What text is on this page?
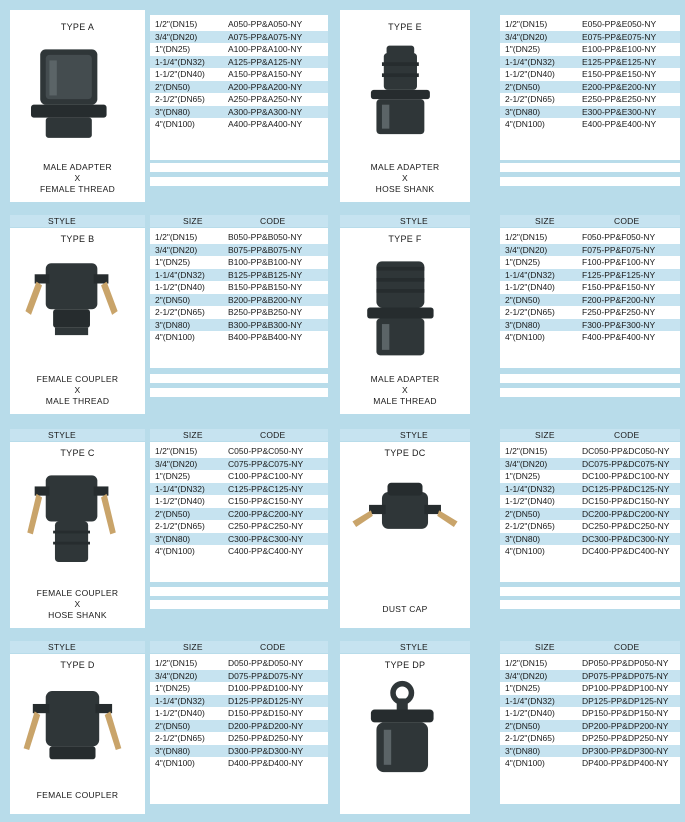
TYPE A
MALE ADAPTER
X
FEMALE THREAD
1/2"(DN15)	A050-PP&A050-NY
3/4"(DN20)	A075-PP&A075-NY
1"(DN25)	A100-PP&A100-NY
1-1/4"(DN32)	A125-PP&A125-NY
1-1/2"(DN40)	A150-PP&A150-NY
2"(DN50)	A200-PP&A200-NY
2-1/2"(DN65)	A250-PP&A250-NY
3"(DN80)	A300-PP&A300-NY
4"(DN100)	A400-PP&A400-NY
TYPE E
MALE ADAPTER
X
HOSE SHANK
1/2"(DN15)	E050-PP&E050-NY
3/4"(DN20)	E075-PP&E075-NY
1"(DN25)	E100-PP&E100-NY
1-1/4"(DN32)	E125-PP&E125-NY
1-1/2"(DN40)	E150-PP&E150-NY
2"(DN50)	E200-PP&E200-NY
2-1/2"(DN65)	E250-PP&E250-NY
3"(DN80)	E300-PP&E300-NY
4"(DN100)	E400-PP&E400-NY
STYLE	SIZE	CODE
TYPE B
FEMALE COUPLER
X
MALE THREAD
1/2"(DN15)	B050-PP&B050-NY
3/4"(DN20)	B075-PP&B075-NY
1"(DN25)	B100-PP&B100-NY
1-1/4"(DN32)	B125-PP&B125-NY
1-1/2"(DN40)	B150-PP&B150-NY
2"(DN50)	B200-PP&B200-NY
2-1/2"(DN65)	B250-PP&B250-NY
3"(DN80)	B300-PP&B300-NY
4"(DN100)	B400-PP&B400-NY
STYLE	SIZE	CODE
TYPE F
MALE ADAPTER
X
MALE THREAD
1/2"(DN15)	F050-PP&F050-NY
3/4"(DN20)	F075-PP&F075-NY
1"(DN25)	F100-PP&F100-NY
1-1/4"(DN32)	F125-PP&F125-NY
1-1/2"(DN40)	F150-PP&F150-NY
2"(DN50)	F200-PP&F200-NY
2-1/2"(DN65)	F250-PP&F250-NY
3"(DN80)	F300-PP&F300-NY
4"(DN100)	F400-PP&F400-NY
STYLE	SIZE	CODE
TYPE C
FEMALE COUPLER
X
HOSE SHANK
1/2"(DN15)	C050-PP&C050-NY
3/4"(DN20)	C075-PP&C075-NY
1"(DN25)	C100-PP&C100-NY
1-1/4"(DN32)	C125-PP&C125-NY
1-1/2"(DN40)	C150-PP&C150-NY
2"(DN50)	C200-PP&C200-NY
2-1/2"(DN65)	C250-PP&C250-NY
3"(DN80)	C300-PP&C300-NY
4"(DN100)	C400-PP&C400-NY
STYLE	SIZE	CODE
TYPE DC
DUST CAP
1/2"(DN15)	DC050-PP&DC050-NY
3/4"(DN20)	DC075-PP&DC075-NY
1"(DN25)	DC100-PP&DC100-NY
1-1/4"(DN32)	DC125-PP&DC125-NY
1-1/2"(DN40)	DC150-PP&DC150-NY
2"(DN50)	DC200-PP&DC200-NY
2-1/2"(DN65)	DC250-PP&DC250-NY
3"(DN80)	DC300-PP&DC300-NY
4"(DN100)	DC400-PP&DC400-NY
STYLE	SIZE	CODE
TYPE D
FEMALE COUPLER
1/2"(DN15)	D050-PP&D050-NY
3/4"(DN20)	D075-PP&D075-NY
1"(DN25)	D100-PP&D100-NY
1-1/4"(DN32)	D125-PP&D125-NY
1-1/2"(DN40)	D150-PP&D150-NY
2"(DN50)	D200-PP&D200-NY
2-1/2"(DN65)	D250-PP&D250-NY
3"(DN80)	D300-PP&D300-NY
4"(DN100)	D400-PP&D400-NY
STYLE	SIZE	CODE
TYPE DP	1/2"(DN15)	DP050-PP&DP050-NY
3/4"(DN20)	DP075-PP&DP075-NY
1"(DN25)	DP100-PP&DP100-NY
1-1/4"(DN32)	DP125-PP&DP125-NY
1-1/2"(DN40)	DP150-PP&DP150-NY
2"(DN50)	DP200-PP&DP200-NY
2-1/2"(DN65)	DP250-PP&DP250-NY
3"(DN80)	DP300-PP&DP300-NY
4"(DN100)	DP400-PP&DP400-NY
